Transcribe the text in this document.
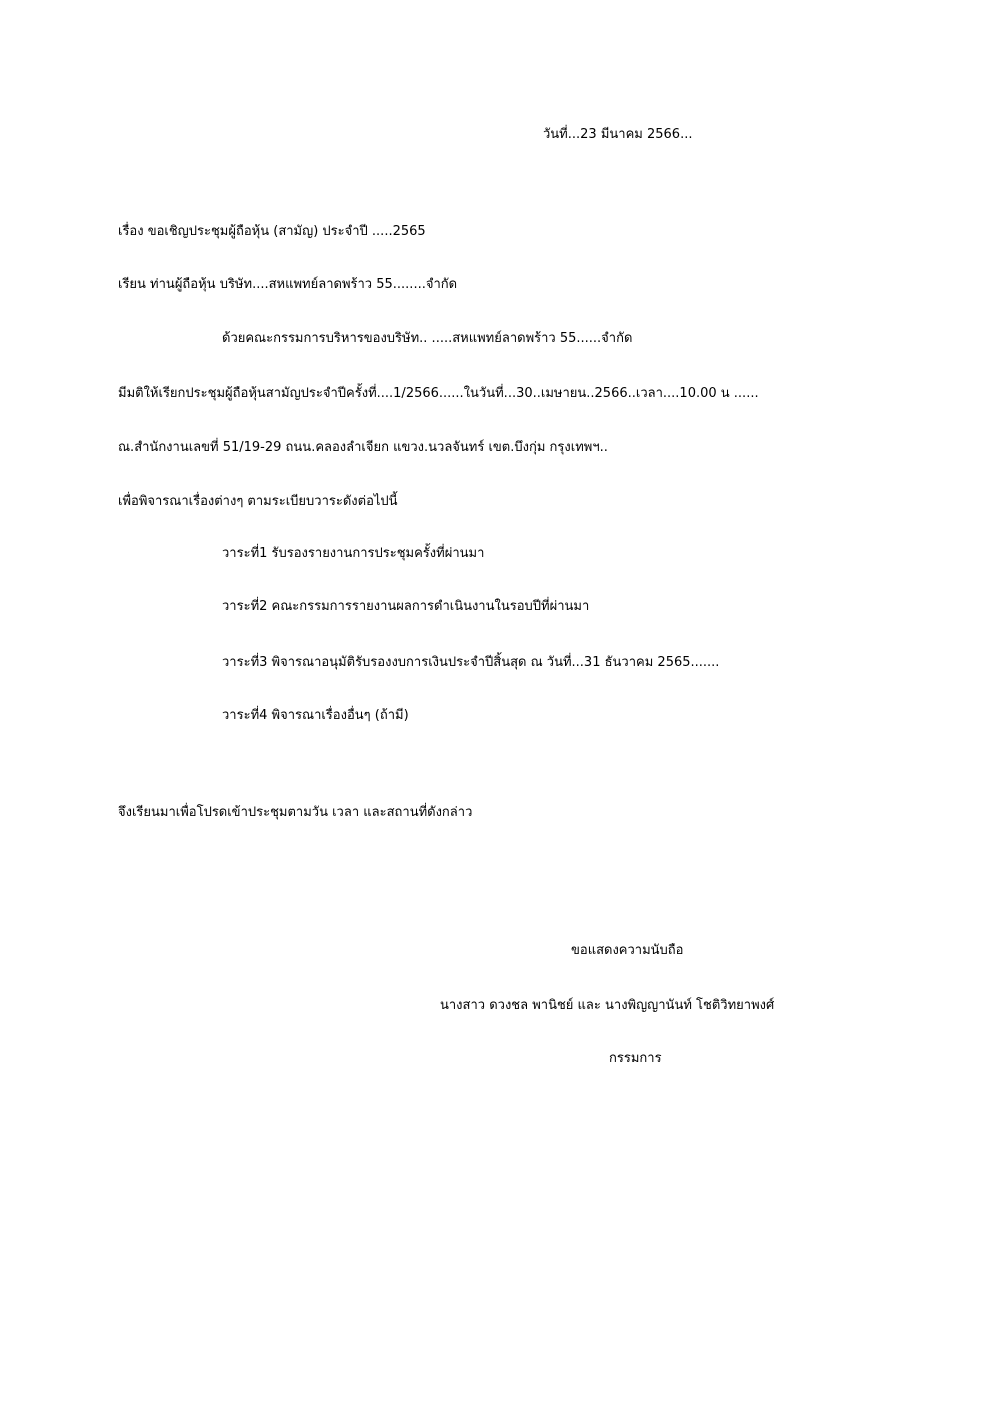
วันที่...23 มีนาคม 2566...
เรื่อง ขอเชิญประชุมผู้ถือหุ้น (สามัญ) ประจำปี .....2565
เรียน ท่านผู้ถือหุ้น บริษัท....สหแพทย์ลาดพร้าว 55........จำกัด
ด้วยคณะกรรมการบริหารของบริษัท.. .....สหแพทย์ลาดพร้าว 55......จำกัด
มีมติให้เรียกประชุมผู้ถือหุ้นสามัญประจำปีครั้งที่....1/2566......ในวันที่...30..เมษายน..2566..เวลา....10.00 น ......
ณ.สำนักงานเลขที่ 51/19-29 ถนน.คลองลำเจียก แขวง.นวลจันทร์ เขต.บึงกุ่ม กรุงเทพฯ..
เพื่อพิจารณาเรื่องต่างๆ ตามระเบียบวาระดังต่อไปนี้
วาระที่1 รับรองรายงานการประชุมครั้งที่ผ่านมา
วาระที่2 คณะกรรมการรายงานผลการดำเนินงานในรอบปีที่ผ่านมา
วาระที่3 พิจารณาอนุมัติรับรองงบการเงินประจำปีสิ้นสุด ณ วันที่...31 ธันวาคม 2565.......
วาระที่4 พิจารณาเรื่องอื่นๆ (ถ้ามี)
จึงเรียนมาเพื่อโปรดเข้าประชุมตามวัน เวลา และสถานที่ดังกล่าว
ขอแสดงความนับถือ
นางสาว ดวงชล พานิชย์ และ นางพิญญานันท์ โชติวิทยาพงศ์
กรรมการ
